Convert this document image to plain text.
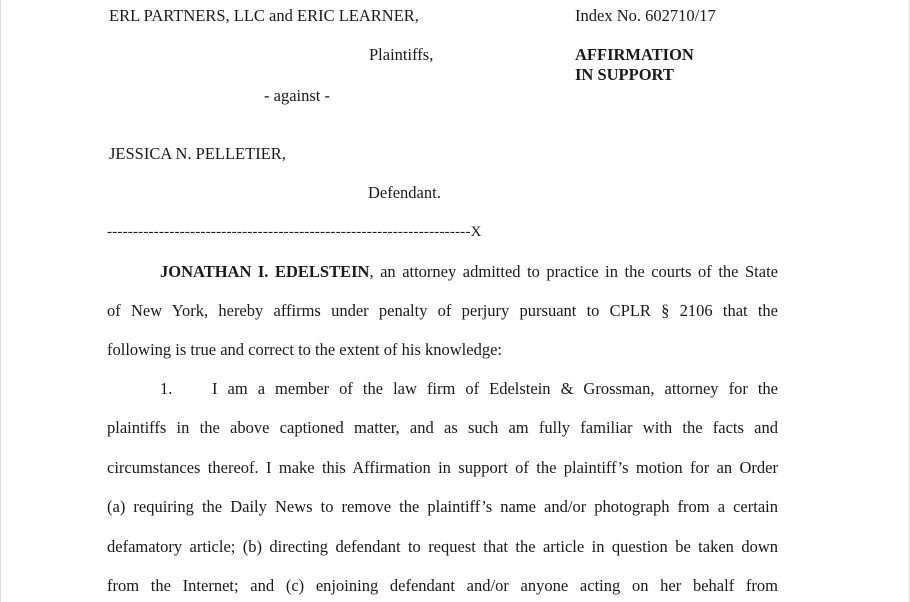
ERL PARTNERS, LLC and ERIC LEARNER,	Index No. 602710/17
Plaintiffs,	AFFIRMATION
IN SUPPORT
- against -
JESSICA N. PELLETIER,
Defendant.
----------------------------------------------------------------------X
JONATHAN I. EDELSTEIN, an attorney admitted to practice in the courts of the State
of New York, hereby affirms under penalty of perjury pursuant to CPLR § 2106 that the
following is true and correct to the extent of his knowledge:
1. I am a member of the law firm of Edelstein & Grossman, attorney for the
plaintiffs in the above captioned matter, and as such am fully familiar with the facts and
circumstances thereof. I make this Affirmation in support of the plaintiff’s motion for an Order
(a) requiring the Daily News to remove the plaintiff’s name and/or photograph from a certain
defamatory article; (b) directing defendant to request that the article in question be taken down
from the Internet; and (c) enjoining defendant and/or anyone acting on her behalf from
